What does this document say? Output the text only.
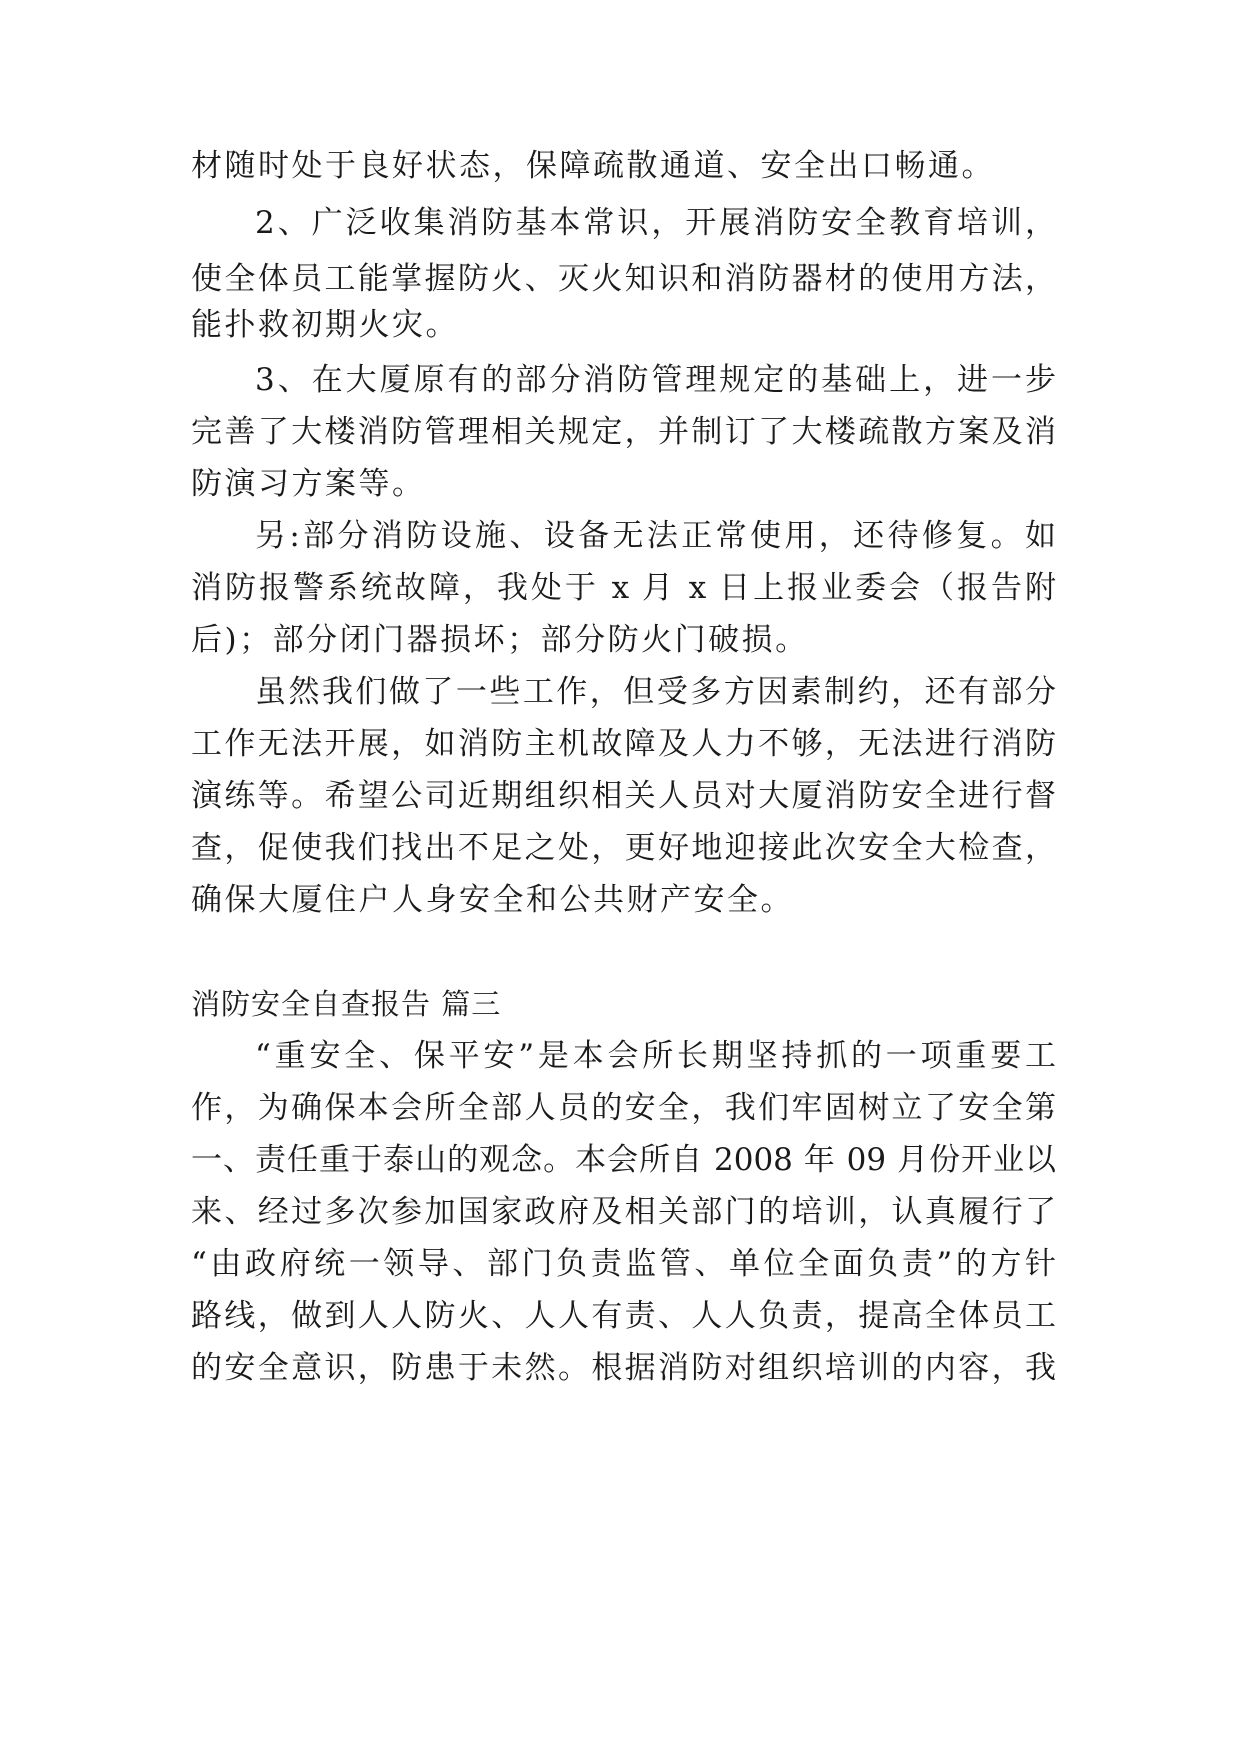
材随时处于良好状态，保障疏散通道、安全出口畅通。
2、广泛收集消防基本常识，开展消防安全教育培训，
使全体员工能掌握防火、灭火知识和消防器材的使用方法，
能扑救初期火灾。
3、在大厦原有的部分消防管理规定的基础上，进一步
完善了大楼消防管理相关规定，并制订了大楼疏散方案及消
防演习方案等。
另:部分消防设施、设备无法正常使用，还待修复。如
消防报警系统故障，我处于 x 月 x 日上报业委会（报告附
后)；部分闭门器损坏；部分防火门破损。
虽然我们做了一些工作，但受多方因素制约，还有部分
工作无法开展，如消防主机故障及人力不够，无法进行消防
演练等。希望公司近期组织相关人员对大厦消防安全进行督
查，促使我们找出不足之处，更好地迎接此次安全大检查，
确保大厦住户人身安全和公共财产安全。
消防安全自查报告 篇三
“重安全、保平安”是本会所长期坚持抓的一项重要工
作，为确保本会所全部人员的安全，我们牢固树立了安全第
一、责任重于泰山的观念。本会所自 2008 年 09 月份开业以
来、经过多次参加国家政府及相关部门的培训，认真履行了
“由政府统一领导、部门负责监管、单位全面负责”的方针
路线，做到人人防火、人人有责、人人负责，提高全体员工
的安全意识，防患于未然。根据消防对组织培训的内容，我
